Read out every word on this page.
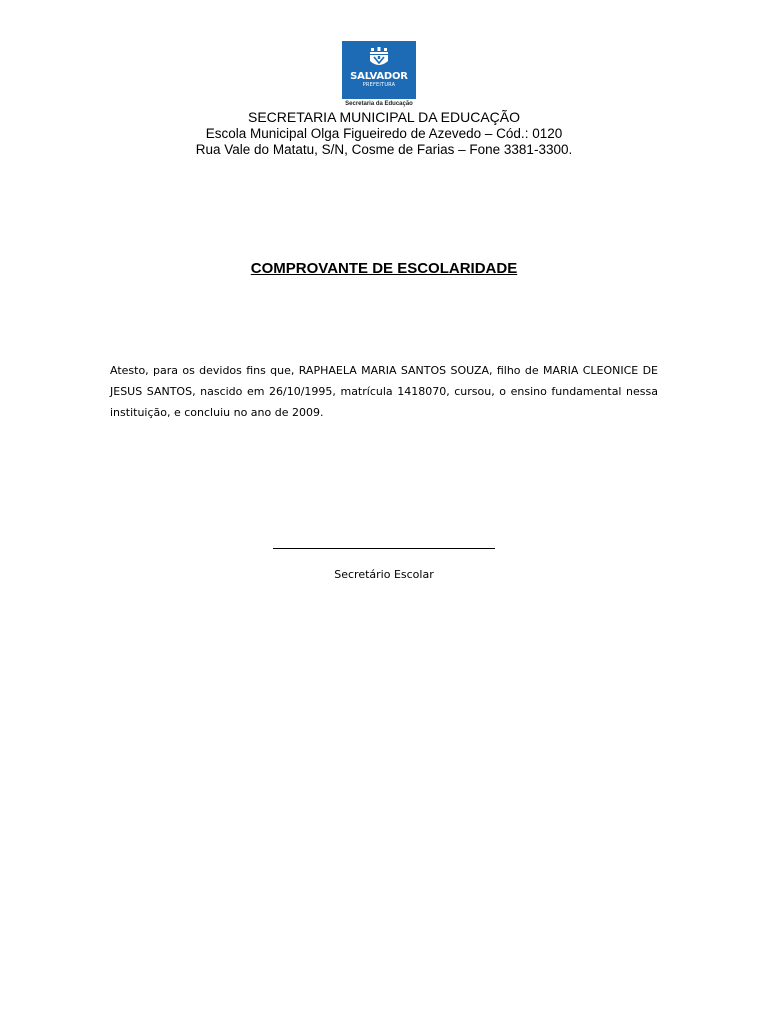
SALVADOR
PREFEITURA
Secretaria da Educação
SECRETARIA MUNICIPAL DA EDUCAÇÃO
Escola Municipal Olga Figueiredo de Azevedo – Cód.: 0120
Rua Vale do Matatu, S/N, Cosme de Farias – Fone 3381-3300.
COMPROVANTE DE ESCOLARIDADE
Atesto, para os devidos fins que, RAPHAELA MARIA SANTOS SOUZA, filho de MARIA CLEONICE DE JESUS SANTOS, nascido em 26/10/1995, matrícula 1418070, cursou, o ensino fundamental nessa instituição, e concluiu no ano de 2009.
Secretário Escolar
